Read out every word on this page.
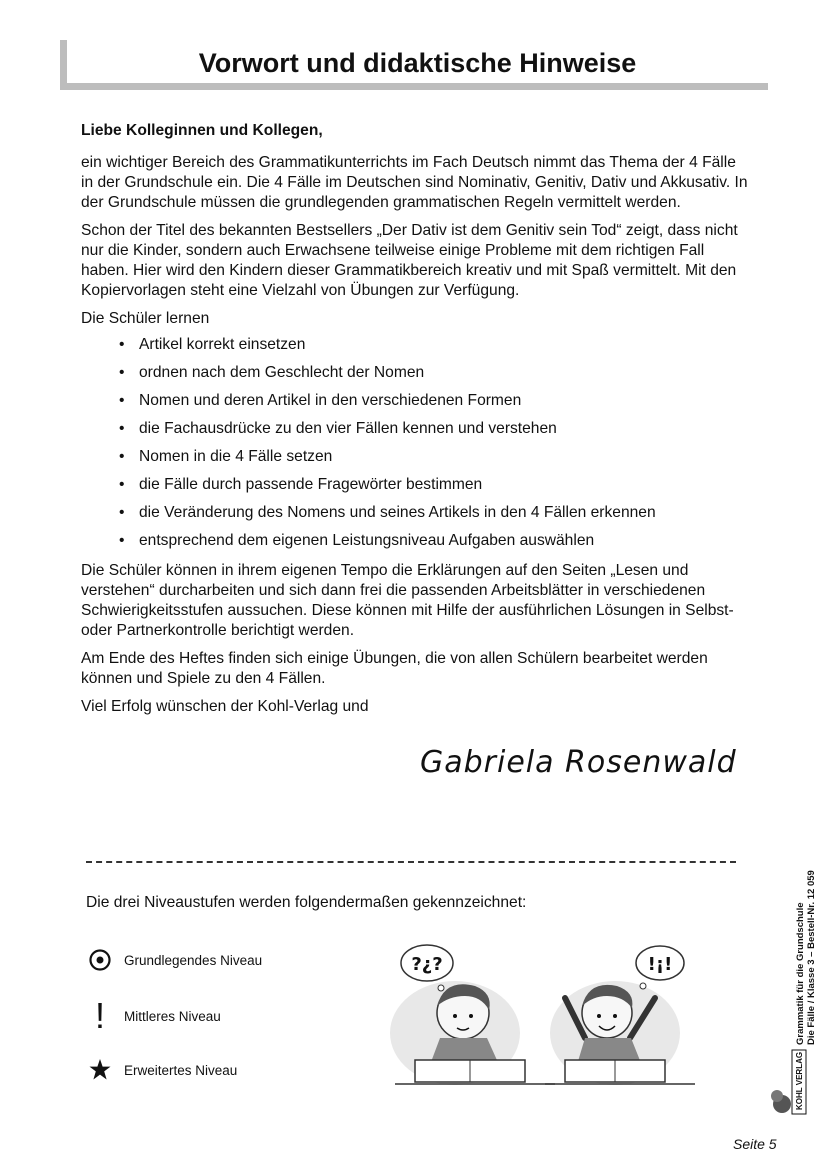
Vorwort und didaktische Hinweise

Liebe Kolleginnen und Kollegen,

ein wichtiger Bereich des Grammatikunterrichts im Fach Deutsch nimmt das Thema der 4 Fälle in der Grundschule ein. Die 4 Fälle im Deutschen sind Nominativ, Genitiv, Dativ und Akkusativ. In der Grundschule müssen die grundlegenden grammatischen Regeln vermittelt werden.

Schon der Titel des bekannten Bestsellers „Der Dativ ist dem Genitiv sein Tod“ zeigt, dass nicht nur die Kinder, sondern auch Erwachsene teilweise einige Probleme mit dem richtigen Fall haben. Hier wird den Kindern dieser Grammatikbereich kreativ und mit Spaß vermittelt. Mit den Kopiervorlagen steht eine Vielzahl von Übungen zur Verfügung.

Die Schüler lernen

• Artikel korrekt einsetzen
• ordnen nach dem Geschlecht der Nomen
• Nomen und deren Artikel in den verschiedenen Formen
• die Fachausdrücke zu den vier Fällen kennen und verstehen
• Nomen in die 4 Fälle setzen
• die Fälle durch passende Fragewörter bestimmen
• die Veränderung des Nomens und seines Artikels in den 4 Fällen erkennen
• entsprechend dem eigenen Leistungsniveau Aufgaben auswählen

Die Schüler können in ihrem eigenen Tempo die Erklärungen auf den Seiten „Lesen und verstehen“ durcharbeiten und sich dann frei die passenden Arbeitsblätter in verschiedenen Schwierigkeitsstufen aussuchen. Diese können mit Hilfe der ausführlichen Lösungen in Selbst- oder Partnerkontrolle berichtigt werden.

Am Ende des Heftes finden sich einige Übungen, die von allen Schülern bearbeitet werden können und Spiele zu den 4 Fällen.

Viel Erfolg wünschen der Kohl-Verlag und

Gabriela Rosenwald
Die drei Niveaustufen werden folgendermaßen gekennzeichnet:
Grundlegendes Niveau
!	Mittleres Niveau
Erweitertes Niveau
?¿?	!¡!	Grammatik für die Grundschule Die Fälle / Klasse 3 – Bestell-Nr. 12 059
KOHL VERLAG
Seite 5
